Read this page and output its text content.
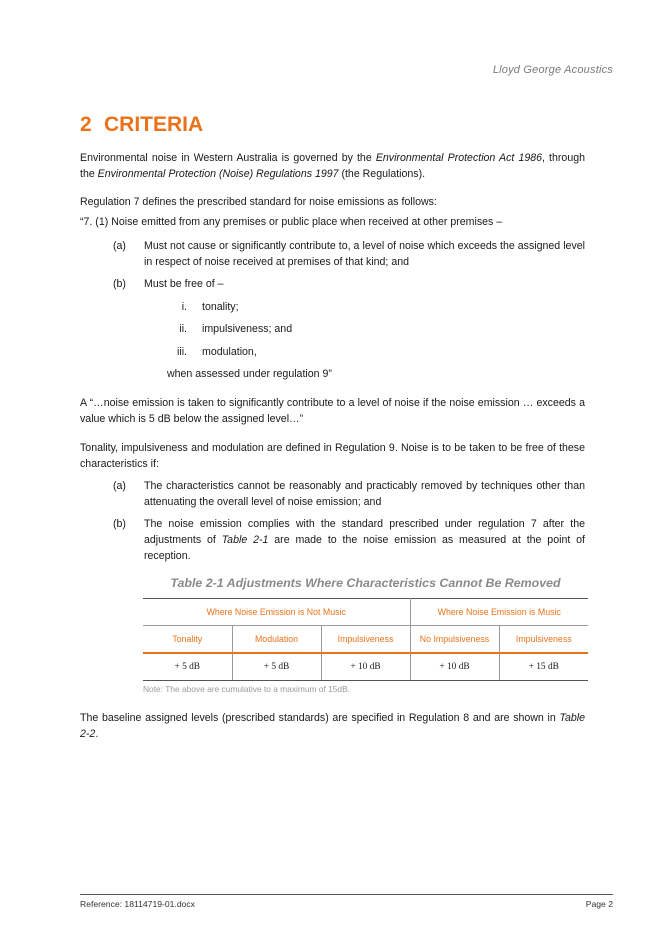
Lloyd George Acoustics
2 CRITERIA
Environmental noise in Western Australia is governed by the Environmental Protection Act 1986, through the Environmental Protection (Noise) Regulations 1997 (the Regulations).
Regulation 7 defines the prescribed standard for noise emissions as follows:
“7. (1) Noise emitted from any premises or public place when received at other premises –
(a)	Must not cause or significantly contribute to, a level of noise which exceeds the assigned level in respect of noise received at premises of that kind; and
(b)	Must be free of –
i. tonality;
ii. impulsiveness; and
iii. modulation,
when assessed under regulation 9”
A “…noise emission is taken to significantly contribute to a level of noise if the noise emission … exceeds a value which is 5 dB below the assigned level…”
Tonality, impulsiveness and modulation are defined in Regulation 9. Noise is to be taken to be free of these characteristics if:
(a)	The characteristics cannot be reasonably and practicably removed by techniques other than attenuating the overall level of noise emission; and
(b)	The noise emission complies with the standard prescribed under regulation 7 after the adjustments of Table 2-1 are made to the noise emission as measured at the point of reception.
Table 2-1 Adjustments Where Characteristics Cannot Be Removed
Where Noise Emission is Not Music			Where Noise Emission is Music	
Tonality	Modulation	Impulsiveness	No Impulsiveness	Impulsiveness
+ 5 dB	+ 5 dB	+ 10 dB	+ 10 dB	+ 15 dB
Note: The above are cumulative to a maximum of 15dB.
The baseline assigned levels (prescribed standards) are specified in Regulation 8 and are shown in Table 2-2.
Reference: 18114719-01.docx	Page 2
